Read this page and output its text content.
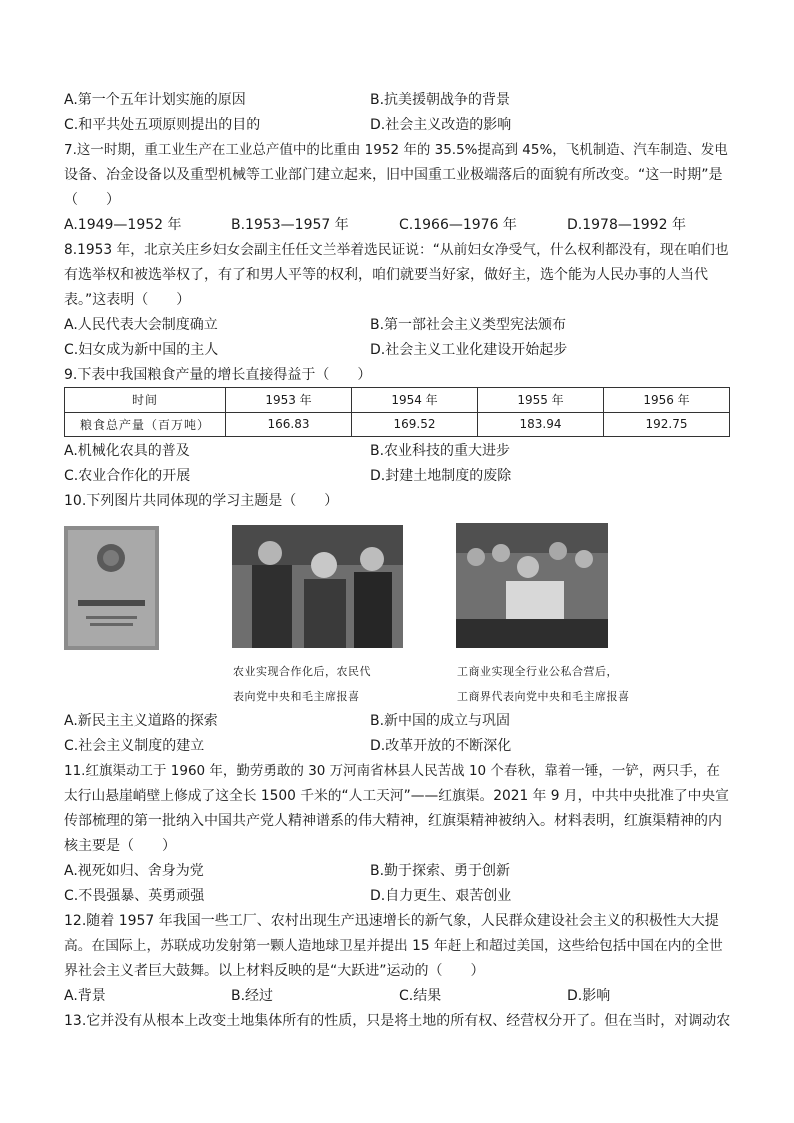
A.第一个五年计划实施的原因	B.抗美援朝战争的背景
C.和平共处五项原则提出的目的	D.社会主义改造的影响
7.这一时期，重工业生产在工业总产值中的比重由 1952 年的 35.5%提高到 45%，飞机制造、汽车制造、发电
设备、冶金设备以及重型机械等工业部门建立起来，旧中国重工业极端落后的面貌有所改变。“这一时期”是
（　　）
A.1949—1952 年	B.1953—1957 年	C.1966—1976 年	D.1978—1992 年
8.1953 年，北京关庄乡妇女会副主任任文兰举着选民证说：“从前妇女净受气，什么权利都没有，现在咱们也
有选举权和被选举权了，有了和男人平等的权利，咱们就要当好家，做好主，选个能为人民办事的人当代
表。”这表明（　　）
A.人民代表大会制度确立	B.第一部社会主义类型宪法颁布
C.妇女成为新中国的主人	D.社会主义工业化建设开始起步
9.下表中我国粮食产量的增长直接得益于（　　）
时间	1953 年	1954 年	1955 年	1956 年
粮食总产量（百万吨）	166.83	169.52	183.94	192.75
A.机械化农具的普及	B.农业科技的重大进步
C.农业合作化的开展	D.封建土地制度的废除
10.下列图片共同体现的学习主题是（　　）
农业实现合作化后，农民代
表向党中央和毛主席报喜
工商业实现全行业公私合营后，
工商界代表向党中央和毛主席报喜
A.新民主主义道路的探索	B.新中国的成立与巩固
C.社会主义制度的建立	D.改革开放的不断深化
11.红旗渠动工于 1960 年，勤劳勇敢的 30 万河南省林县人民苦战 10 个春秋，靠着一锤，一铲，两只手，在
太行山悬崖峭壁上修成了这全长 1500 千米的“人工天河”——红旗渠。2021 年 9 月，中共中央批准了中央宣
传部梳理的第一批纳入中国共产党人精神谱系的伟大精神，红旗渠精神被纳入。材料表明，红旗渠精神的内
核主要是（　　）
A.视死如归、舍身为党	B.勤于探索、勇于创新
C.不畏强暴、英勇顽强	D.自力更生、艰苦创业
12.随着 1957 年我国一些工厂、农村出现生产迅速增长的新气象，人民群众建设社会主义的积极性大大提
高。在国际上，苏联成功发射第一颗人造地球卫星并提出 15 年赶上和超过美国，这些给包括中国在内的全世
界社会主义者巨大鼓舞。以上材料反映的是“大跃进”运动的（　　）
A.背景	B.经过	C.结果	D.影响
13.它并没有从根本上改变土地集体所有的性质，只是将土地的所有权、经营权分开了。但在当时，对调动农
